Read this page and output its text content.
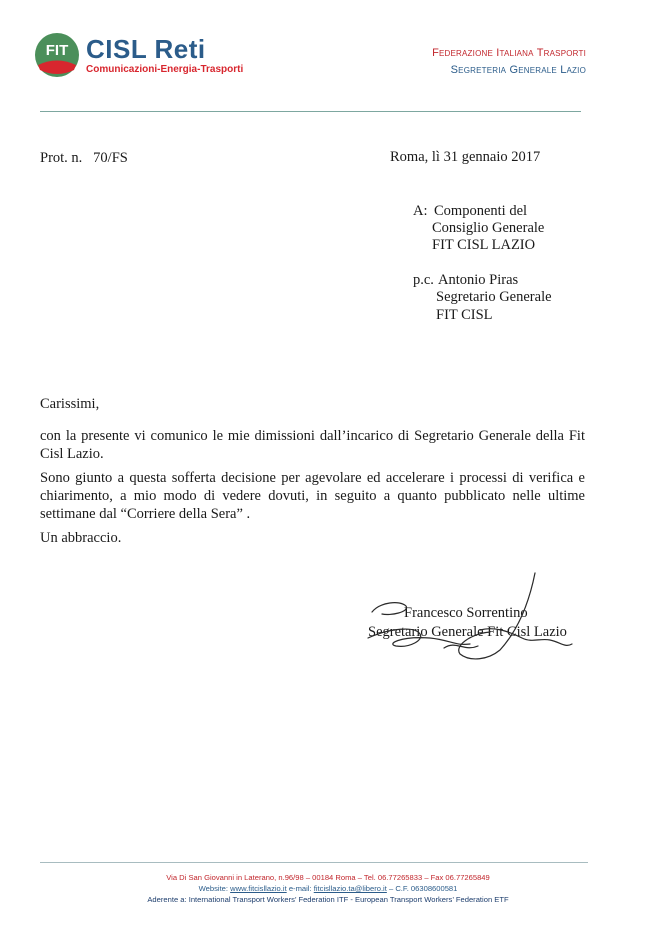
FIT CISL Reti
Comunicazioni-Energia-Trasporti
Federazione Italiana Trasporti
Segreteria Generale Lazio
Prot. n.   70/FS	Roma, lì 31 gennaio 2017
A: Componenti del
Consiglio Generale
FIT CISL LAZIO
p.c. Antonio Piras
Segretario Generale
FIT CISL

Carissimi,

con la presente vi comunico le mie dimissioni dall’incarico di Segretario Generale della Fit Cisl Lazio.

Sono giunto a questa sofferta decisione per agevolare ed accelerare i processi di verifica e chiarimento, a mio modo di vedere dovuti, in seguito a quanto pubblicato nelle ultime settimane dal “Corriere della Sera” .

Un abbraccio.

Francesco Sorrentino
Segretario Generale Fit Cisl Lazio
Via Di San Giovanni in Laterano, n.96/98 – 00184 Roma – Tel. 06.77265833 – Fax 06.77265849
Website: www.fitcisllazio.it e-mail: fitcisllazio.ta@libero.it – C.F. 06308600581
Aderente a: International Transport Workers’ Federation ITF - European Transport Workers’ Federation ETF
